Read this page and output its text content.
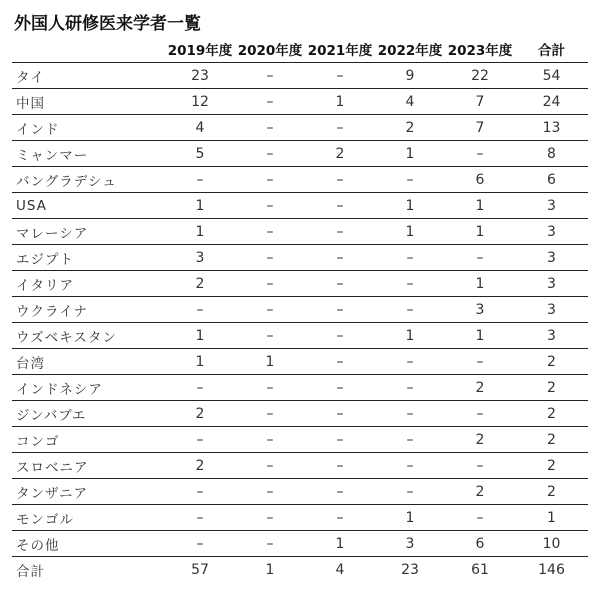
外国人研修医来学者一覧
	2019年度	2020年度	2021年度	2022年度	2023年度	合計
タイ	23	–	–	9	22	54
中国	12	–	1	4	7	24
インド	4	–	–	2	7	13
ミャンマー	5	–	2	1	–	8
バングラデシュ	–	–	–	–	6	6
USA	1	–	–	1	1	3
マレーシア	1	–	–	1	1	3
エジプト	3	–	–	–	–	3
イタリア	2	–	–	–	1	3
ウクライナ	–	–	–	–	3	3
ウズベキスタン	1	–	–	1	1	3
台湾	1	1	–	–	–	2
インドネシア	–	–	–	–	2	2
ジンバブエ	2	–	–	–	–	2
コンゴ	–	–	–	–	2	2
スロベニア	2	–	–	–	–	2
タンザニア	–	–	–	–	2	2
モンゴル	–	–	–	1	–	1
その他	–	–	1	3	6	10
合計	57	1	4	23	61	146
